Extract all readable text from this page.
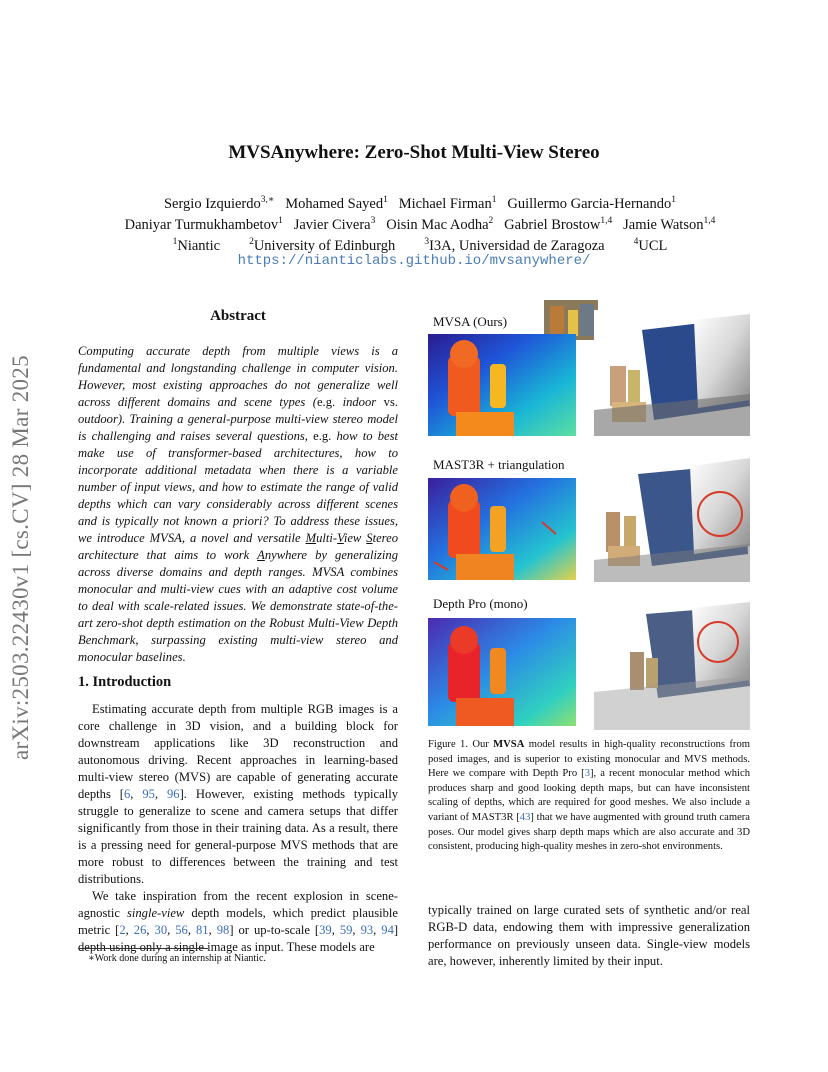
arXiv:2503.22430v1 [cs.CV] 28 Mar 2025
MVSAnywhere: Zero-Shot Multi-View Stereo
Sergio Izquierdo$^{3,∗}$ Mohamed Sayed$^1$ Michael Firman$^1$ Guillermo Garcia-Hernando$^1$
Daniyar Turmukhambetov$^1$ Javier Civera$^3$ Oisin Mac Aodha$^2$ Gabriel Brostow$^{1,4}$ Jamie Watson$^{1,4}$
$^1$Niantic	$^2$University of Edinburgh	$^3$I3A, Universidad de Zaragoza	$^4$UCL
https://nianticlabs.github.io/mvsanywhere/
Abstract
Computing accurate depth from multiple views is a fundamental and longstanding challenge in computer vision. However, most existing approaches do not generalize well across different domains and scene types (e.g. indoor vs. outdoor). Training a general-purpose multi-view stereo model is challenging and raises several questions, e.g. how to best make use of transformer-based architectures, how to incorporate additional metadata when there is a variable number of input views, and how to estimate the range of valid depths which can vary considerably across different scenes and is typically not known a priori? To address these issues, we introduce MVSA, a novel and versatile Multi-View Stereo architecture that aims to work Anywhere by generalizing across diverse domains and depth ranges. MVSA combines monocular and multi-view cues with an adaptive cost volume to deal with scale-related issues. We demonstrate state-of-the-art zero-shot depth estimation on the Robust Multi-View Depth Benchmark, surpassing existing multi-view stereo and monocular baselines.
1. Introduction

Estimating accurate depth from multiple RGB images is a core challenge in 3D vision, and a building block for downstream applications like 3D reconstruction and autonomous driving. Recent approaches in learning-based multi-view stereo (MVS) are capable of generating accurate depths [6, 95, 96]. However, existing methods typically struggle to generalize to scene and camera setups that differ significantly from those in their training data. As a result, there is a pressing need for general-purpose MVS methods that are more robust to differences between the training and test distributions.

We take inspiration from the recent explosion in scene-agnostic single-view depth models, which predict plausible metric [2, 26, 30, 56, 81, 98] or up-to-scale [39, 59, 93, 94] depth using only a single image as input. These models are

∗Work done during an internship at Niantic.
MVSA (Ours)
MAST3R + triangulation
Depth Pro (mono)
Figure 1. Our MVSA model results in high-quality reconstructions from posed images, and is superior to existing monocular and MVS methods. Here we compare with Depth Pro [3], a recent monocular method which produces sharp and good looking depth maps, but can have inconsistent scaling of depths, which are required for good meshes. We also include a variant of MAST3R [43] that we have augmented with ground truth camera poses. Our model gives sharp depth maps which are also accurate and 3D consistent, producing high-quality meshes in zero-shot environments.
typically trained on large curated sets of synthetic and/or real RGB-D data, endowing them with impressive generalization performance on previously unseen data. Single-view models are, however, inherently limited by their input.
